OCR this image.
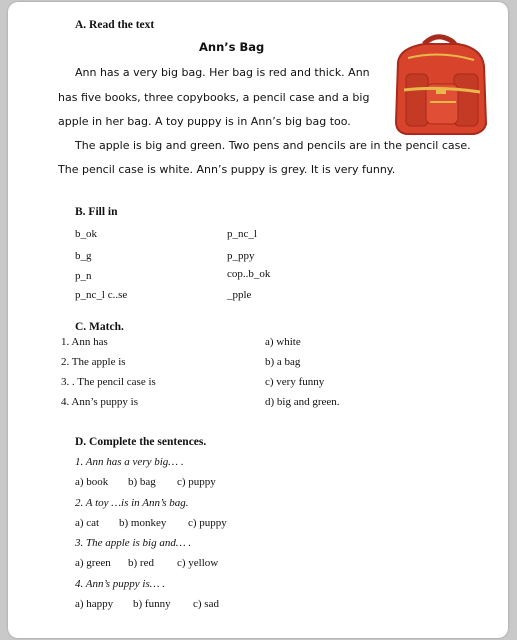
A. Read the text
Ann’s Bag
Ann has a very big bag. Her bag is red and thick. Ann
has five books, three copybooks, a pencil case and a big
apple in her bag. A toy puppy is in Ann’s big bag too.
The apple is big and green. Two pens and pencils are in the pencil case.
The pencil case is white. Ann’s puppy is grey. It is very funny.
B. Fill in
b_ok
b_g
p_n
p_nc_l c..se
p_nc_l
p_ppy
cop..b_ok
_pple
C. Match.
1. Ann has
2. The apple is
3. . The pencil case is
4. Ann’s puppy is
a) white
b) a bag
c) very funny
d) big and green.
D. Complete the sentences.
1. Ann has a very big… .
a) book b) bag c) puppy
2. A toy …is in Ann’s bag.
a) cat b) monkey c) puppy
3. The apple is big and… .
a) green b) red c) yellow
4. Ann’s puppy is… .
a) happy b) funny c) sad
